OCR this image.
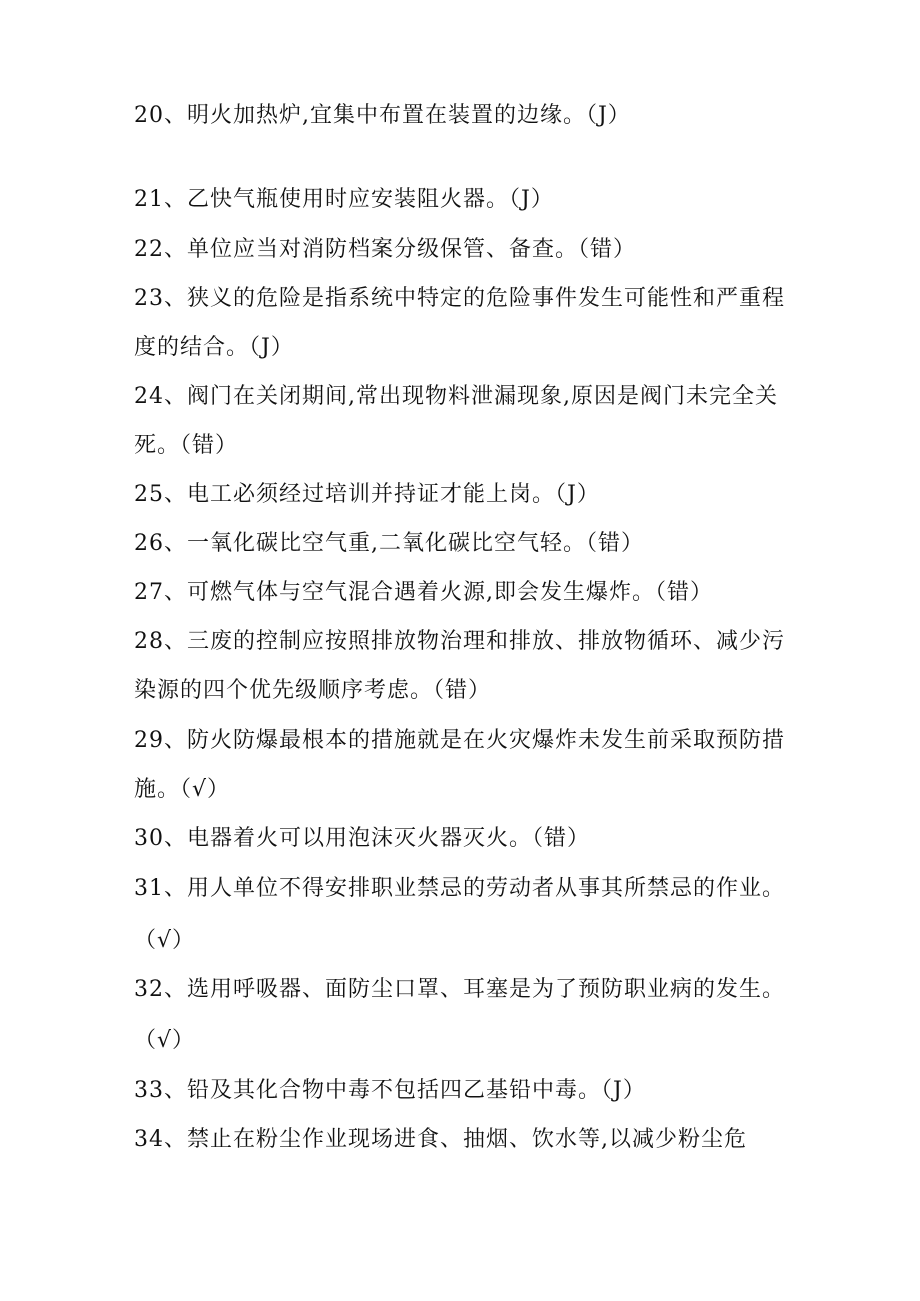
20、明火加热炉,宜集中布置在装置的边缘。（J）
21、乙快气瓶使用时应安装阻火器。（J）
22、单位应当对消防档案分级保管、备查。（错）
23、狭义的危险是指系统中特定的危险事件发生可能性和严重程
度的结合。（J）
24、阀门在关闭期间,常出现物料泄漏现象,原因是阀门未完全关
死。（错）
25、电工必须经过培训并持证才能上岗。（J）
26、一氧化碳比空气重,二氧化碳比空气轻。（错）
27、可燃气体与空气混合遇着火源,即会发生爆炸。（错）
28、三废的控制应按照排放物治理和排放、排放物循环、减少污
染源的四个优先级顺序考虑。（错）
29、防火防爆最根本的措施就是在火灾爆炸未发生前采取预防措
施。（√）
30、电器着火可以用泡沫灭火器灭火。（错）
31、用人单位不得安排职业禁忌的劳动者从事其所禁忌的作业。
（√）
32、选用呼吸器、面防尘口罩、耳塞是为了预防职业病的发生。
（√）
33、铅及其化合物中毒不包括四乙基铅中毒。（J）
34、禁止在粉尘作业现场进食、抽烟、饮水等,以减少粉尘危
